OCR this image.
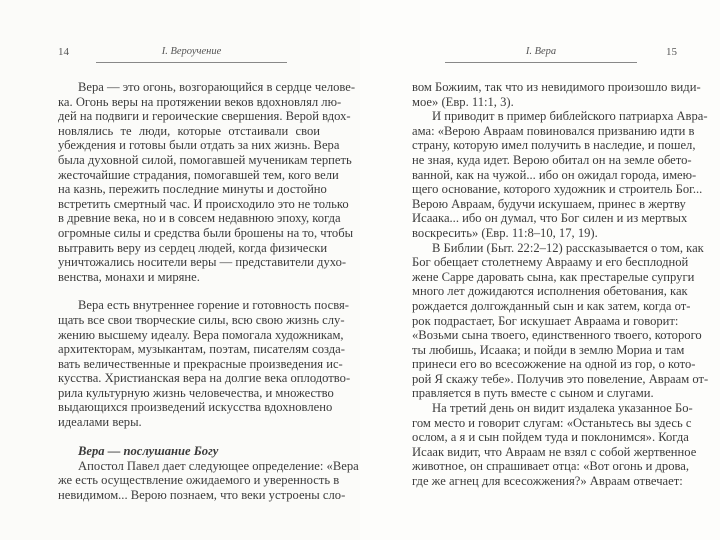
14	I. Вероучение
Вера — это огонь, возгорающийся в сердце челове-
ка. Огонь веры на протяжении веков вдохновлял лю-
дей на подвиги и героические свершения. Верой вдох-
новлялись те люди, которые отстаивали свои
убеждения и готовы были отдать за них жизнь. Вера
была духовной силой, помогавшей мученикам терпеть
жесточайшие страдания, помогавшей тем, кого вели
на казнь, пережить последние минуты и достойно
встретить смертный час. И происходило это не только
в древние века, но и в совсем недавнюю эпоху, когда
огромные силы и средства были брошены на то, чтобы
вытравить веру из сердец людей, когда физически
уничтожались носители веры — представители духо-
венства, монахи и миряне.
Вера есть внутреннее горение и готовность посвя-
щать все свои творческие силы, всю свою жизнь слу-
жению высшему идеалу. Вера помогала художникам,
архитекторам, музыкантам, поэтам, писателям созда-
вать величественные и прекрасные произведения ис-
кусства. Христианская вера на долгие века оплодотво-
рила культурную жизнь человечества, и множество
выдающихся произведений искусства вдохновлено
идеалами веры.
Вера — послушание Богу
Апостол Павел дает следующее определение: «Вера
же есть осуществление ожидаемого и уверенность в
невидимом... Верою познаем, что веки устроены сло-
I. Вера	15
вом Божиим, так что из невидимого произошло види-
мое» (Евр. 11:1, 3).
И приводит в пример библейского патриарха Авра-
ама: «Верою Авраам повиновался призванию идти в
страну, которую имел получить в наследие, и пошел,
не зная, куда идет. Верою обитал он на земле обето-
ванной, как на чужой... ибо он ожидал города, имею-
щего основание, которого художник и строитель Бог...
Верою Авраам, будучи искушаем, принес в жертву
Исаака... ибо он думал, что Бог силен и из мертвых
воскресить» (Евр. 11:8–10, 17, 19).
В Библии (Быт. 22:2–12) рассказывается о том, как
Бог обещает столетнему Аврааму и его бесплодной
жене Сарре даровать сына, как престарелые супруги
много лет дожидаются исполнения обетования, как
рождается долгожданный сын и как затем, когда от-
рок подрастает, Бог искушает Авраама и говорит:
«Возьми сына твоего, единственного твоего, которого
ты любишь, Исаака; и пойди в землю Мориа и там
принеси его во всесожжение на одной из гор, о кото-
рой Я скажу тебе». Получив это повеление, Авраам от-
правляется в путь вместе с сыном и слугами.
На третий день он видит издалека указанное Бо-
гом место и говорит слугам: «Останьтесь вы здесь с
ослом, а я и сын пойдем туда и поклонимся». Когда
Исаак видит, что Авраам не взял с собой жертвенное
животное, он спрашивает отца: «Вот огонь и дрова,
где же агнец для всесожжения?» Авраам отвечает:
